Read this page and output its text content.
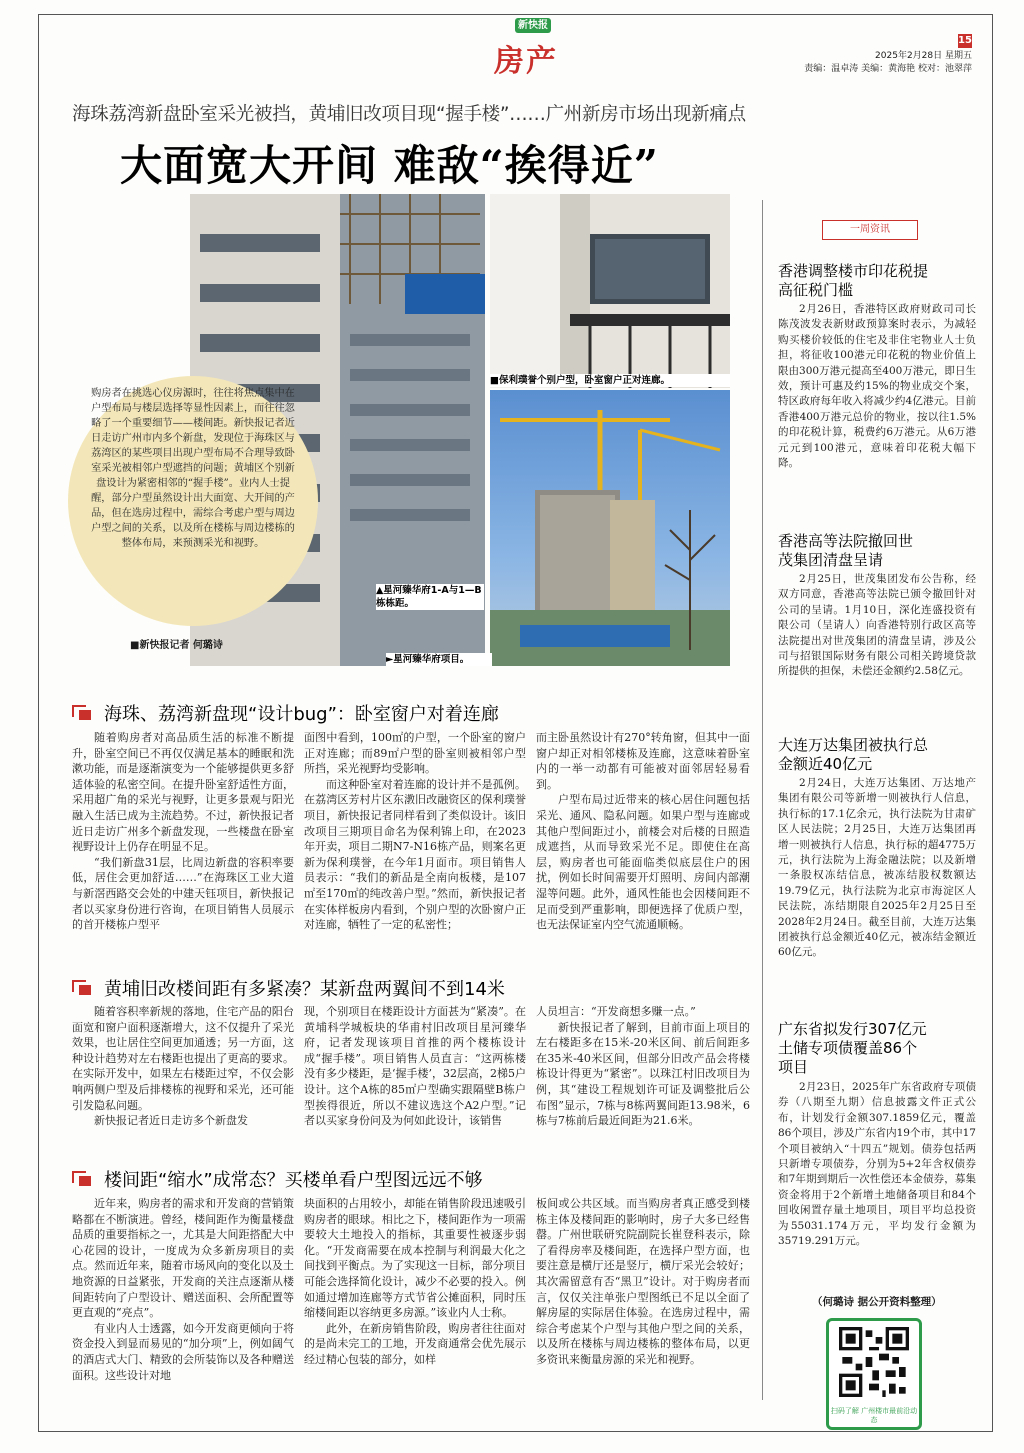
新快报
房产
15
2025年2月28日 星期五
责编：温卓涛 美编：黄海艳 校对：池翠萍
海珠荔湾新盘卧室采光被挡，黄埔旧改项目现“握手楼”……广州新房市场出现新痛点
大面宽大开间 难敌“挨得近”
▲星河臻华府1-A与1—B栋栋距。
■保利璞誉个别户型，卧室窗户正对连廊。
►星河臻华府项目。
购房者在挑选心仪房源时，往往将焦点集中在户型布局与楼层选择等显性因素上，而往往忽略了一个重要细节——楼间距。新快报记者近日走访广州市内多个新盘，发现位于海珠区与荔湾区的某些项目出现户型布局不合理导致卧室采光被相邻户型遮挡的问题；黄埔区个别新盘设计为紧密相邻的“握手楼”。业内人士提醒，部分户型虽然设计出大面宽、大开间的产品，但在选房过程中，需综合考虑户型与周边户型之间的关系，以及所在楼栋与周边楼栋的整体布局，来预测采光和视野。
■新快报记者 何璐诗
海珠、荔湾新盘现“设计bug”：卧室窗户对着连廊

随着购房者对高品质生活的标准不断提升，卧室空间已不再仅仅满足基本的睡眠和洗漱功能，而是逐渐演变为一个能够提供更多舒适体验的私密空间。在提升卧室舒适性方面，采用超广角的采光与视野，让更多景观与阳光融入生活已成为主流趋势。不过，新快报记者近日走访广州多个新盘发现，一些楼盘在卧室视野设计上仍存在明显不足。

“我们新盘31层，比周边新盘的容积率要低，居住会更加舒适……”在海珠区工业大道与新滘西路交会处的中建天钰项目，新快报记者以买家身份进行咨询，在项目销售人员展示的首开楼栋户型平

面图中看到，100㎡的户型，一个卧室的窗户正对连廊；而89㎡户型的卧室则被相邻户型所挡，采光视野均受影响。

而这种卧室对着连廊的设计并不是孤例。在荔湾区芳村片区东漖旧改融资区的保利璞誉项目，新快报记者同样看到了类似设计。该旧改项目三期项目命名为保利锦上印，在2023年开卖，项目二期N7-N16栋产品，则案名更新为保利璞誉，在今年1月面市。项目销售人员表示：“我们的新品是全南向板楼，是107㎡至170㎡的纯改善户型。”然而，新快报记者在实体样板房内看到，个别户型的次卧窗户正对连廊，牺牲了一定的私密性；

而主卧虽然设计有270°转角窗，但其中一面窗户却正对相邻楼栋及连廊，这意味着卧室内的一举一动都有可能被对面邻居轻易看到。

户型布局过近带来的核心居住问题包括采光、通风、隐私问题。如果户型与连廊或其他户型间距过小，前楼会对后楼的日照造成遮挡，从而导致采光不足。即使住在高层，购房者也可能面临类似底层住户的困扰，例如长时间需要开灯照明、房间内部潮湿等问题。此外，通风性能也会因楼间距不足而受到严重影响，即便选择了优质户型，也无法保证室内空气流通顺畅。

黄埔旧改楼间距有多紧凑？某新盘两翼间不到14米

随着容积率新规的落地，住宅产品的阳台面宽和窗户面积逐渐增大，这不仅提升了采光效果，也让居住空间更加通透；另一方面，这种设计趋势对左右楼距也提出了更高的要求。在实际开发中，如果左右楼距过窄，不仅会影响两侧户型及后排楼栋的视野和采光，还可能引发隐私问题。

新快报记者近日走访多个新盘发

现，个别项目在楼距设计方面甚为“紧凑”。在黄埔科学城板块的华甫村旧改项目星河臻华府，记者发现该项目首推的两个楼栋设计成“握手楼”。项目销售人员直言：“这两栋楼没有多少楼距，是‘握手楼’，32层高，2梯5户设计。这个A栋的85㎡户型确实跟隔壁B栋户型挨得很近，所以不建议选这个A2户型。”记者以买家身份问及为何如此设计，该销售

人员坦言：“开发商想多赚一点。”

新快报记者了解到，目前市面上项目的左右楼距多在15米-20米区间、前后间距多在35米-40米区间，但部分旧改产品会将楼栋设计得更为“紧密”。以珠江村旧改项目为例，其“建设工程规划许可证及调整批后公布图”显示，7栋与8栋两翼间距13.98米，6栋与7栋前后最近间距为21.6米。

楼间距“缩水”成常态？买楼单看户型图远远不够

近年来，购房者的需求和开发商的营销策略都在不断演进。曾经，楼间距作为衡量楼盘品质的重要指标之一，尤其是大间距搭配大中心花园的设计，一度成为众多新房项目的卖点。然而近年来，随着市场风向的变化以及土地资源的日益紧张，开发商的关注点逐渐从楼间距转向了户型设计、赠送面积、会所配置等更直观的“亮点”。

有业内人士透露，如今开发商更倾向于将资金投入到显而易见的“加分项”上，例如阔气的酒店式大门、精致的会所装饰以及各种赠送面积。这些设计对地

块面积的占用较小，却能在销售阶段迅速吸引购房者的眼球。相比之下，楼间距作为一项需要较大土地投入的指标，其重要性被逐步弱化。“开发商需要在成本控制与利润最大化之间找到平衡点。为了实现这一目标，部分项目可能会选择简化设计，减少不必要的投入。例如通过增加连廊等方式节省公摊面积，同时压缩楼间距以容纳更多房源。”该业内人士称。

此外，在新房销售阶段，购房者往往面对的是尚未完工的工地，开发商通常会优先展示经过精心包装的部分，如样

板间或公共区域。而当购房者真正感受到楼栋主体及楼间距的影响时，房子大多已经售罄。广州世联研究院副院长崔登科表示，除了看得房率及楼间距，在选择户型方面，也要注意是横厅还是竖厅，横厅采光会较好；其次需留意有否“黑卫”设计。对于购房者而言，仅仅关注单张户型图纸已不足以全面了解房屋的实际居住体验。在选房过程中，需综合考虑某个户型与其他户型之间的关系，以及所在楼栋与周边楼栋的整体布局，以更多资讯来衡量房源的采光和视野。

一周资讯
香港调整楼市印花税提高征税门槛

2月26日，香港特区政府财政司司长陈茂波发表新财政预算案时表示，为减轻购买楼价较低的住宅及非住宅物业人士负担，将征收100港元印花税的物业价值上限由300万港元提高至400万港元，即日生效，预计可惠及约15%的物业成交个案，特区政府每年收入将减少约4亿港元。目前香港400万港元总价的物业，按以往1.5%的印花税计算，税费约6万港元。从6万港元元到100港元，意味着印花税大幅下降。

香港高等法院撤回世茂集团清盘呈请

2月25日，世茂集团发布公告称，经双方同意，香港高等法院已颁令撤回针对公司的呈请。1月10日，深化连盛投资有限公司（呈请人）向香港特别行政区高等法院提出对世茂集团的清盘呈请，涉及公司与招银国际财务有限公司相关跨境贷款所提供的担保，未偿还金额约2.58亿元。

大连万达集团被执行总金额近40亿元

2月24日，大连万达集团、万达地产集团有限公司等新增一则被执行人信息，执行标的17.1亿余元，执行法院为甘肃矿区人民法院；2月25日，大连万达集团再增一则被执行人信息，执行标的超4775万元，执行法院为上海金融法院；以及新增一条股权冻结信息，被冻结股权数额达19.79亿元，执行法院为北京市海淀区人民法院，冻结期限自2025年2月25日至2028年2月24日。截至目前，大连万达集团被执行总金额近40亿元，被冻结金额近60亿元。

广东省拟发行307亿元土储专项债覆盖86个项目

2月23日，2025年广东省政府专项债券（八期至九期）信息披露文件正式公布，计划发行金额307.1859亿元，覆盖86个项目，涉及广东省内19个市，其中17个项目被纳入“十四五”规划。债券包括两只新增专项债券，分别为5+2年含权债券和7年期到期后一次性偿还本金债券，募集资金将用于2个新增土地储备项目和84个回收闲置存量土地项目，项目平均总投资为55031.174万元，平均发行金额为35719.291万元。

（何璐诗 据公开资料整理）
扫码了解 广州楼市最前沿动态
